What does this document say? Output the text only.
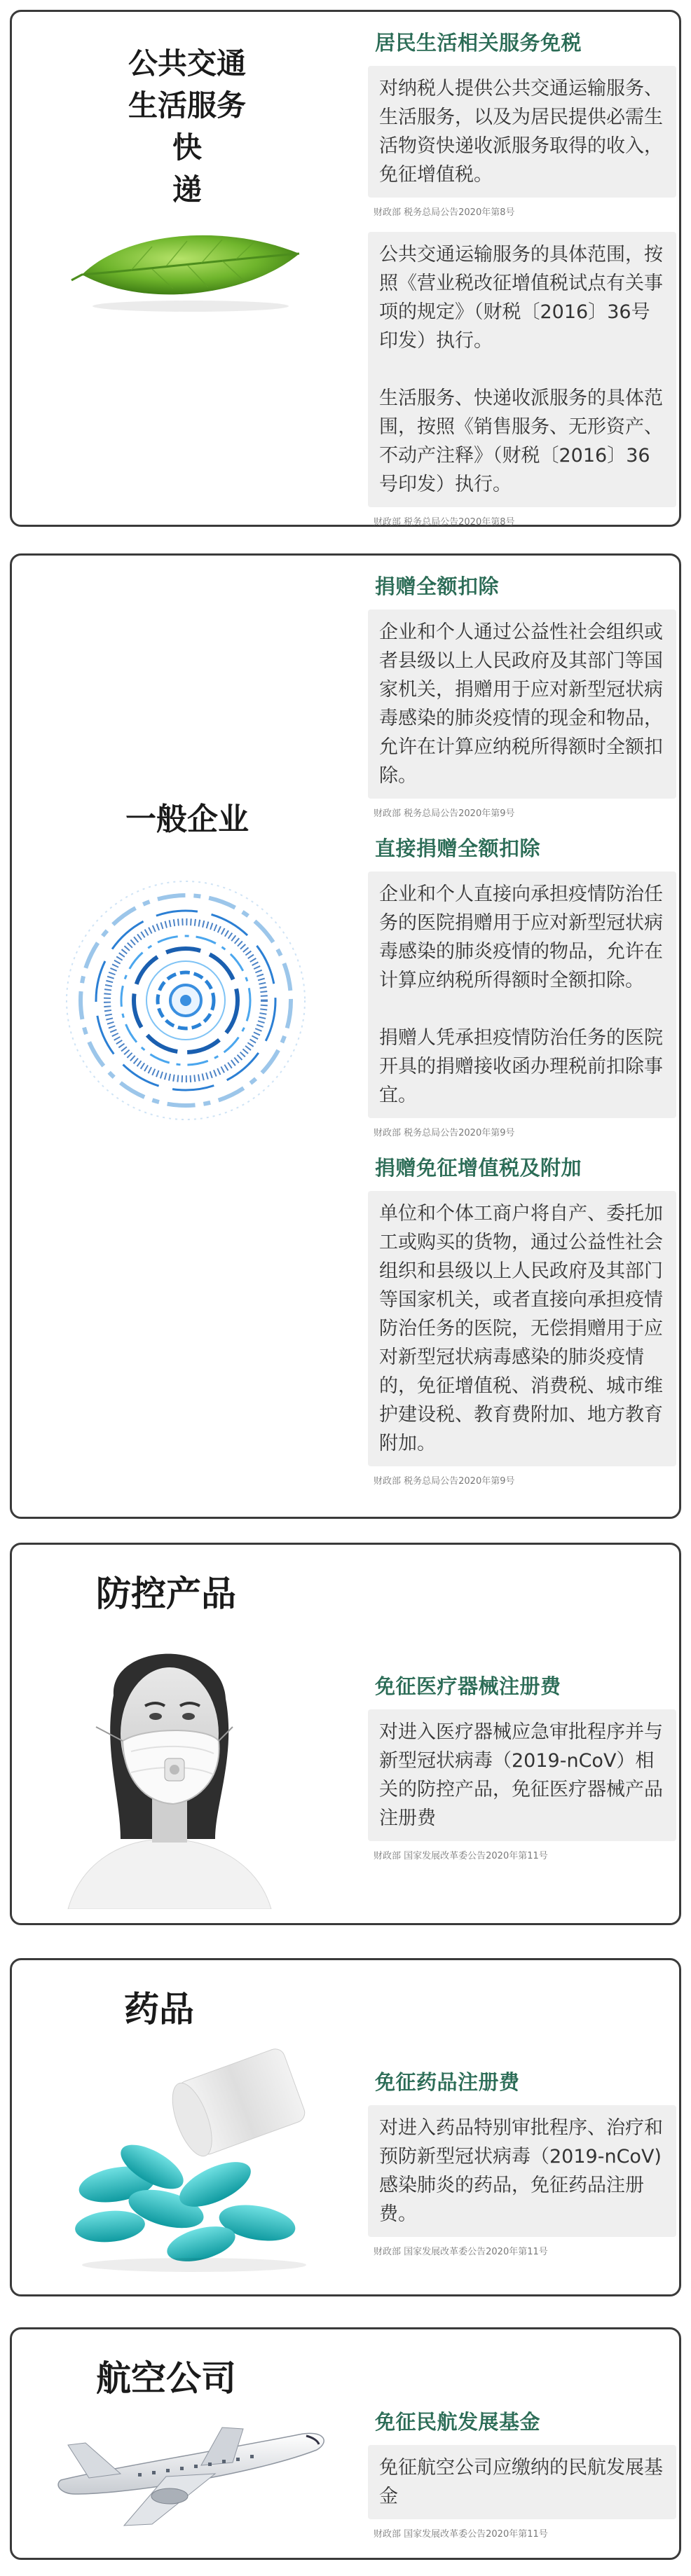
公共交通
生活服务
快 递
居民生活相关服务免税

对纳税人提供公共交通运输服务、生活服务，以及为居民提供必需生活物资快递收派服务取得的收入，免征增值税。

财政部 税务总局公告2020年第8号

公共交通运输服务的具体范围，按照《营业税改征增值税试点有关事项的规定》（财税〔2016〕36号印发）执行。

生活服务、快递收派服务的具体范围，按照《销售服务、无形资产、不动产注释》（财税〔2016〕36号印发）执行。

财政部 税务总局公告2020年第8号
一般企业
捐赠全额扣除

企业和个人通过公益性社会组织或者县级以上人民政府及其部门等国家机关，捐赠用于应对新型冠状病毒感染的肺炎疫情的现金和物品，允许在计算应纳税所得额时全额扣除。

财政部 税务总局公告2020年第9号
直接捐赠全额扣除

企业和个人直接向承担疫情防治任务的医院捐赠用于应对新型冠状病毒感染的肺炎疫情的物品，允许在计算应纳税所得额时全额扣除。

捐赠人凭承担疫情防治任务的医院开具的捐赠接收函办理税前扣除事宜。

财政部 税务总局公告2020年第9号
捐赠免征增值税及附加

单位和个体工商户将自产、委托加工或购买的货物，通过公益性社会组织和县级以上人民政府及其部门等国家机关，或者直接向承担疫情防治任务的医院，无偿捐赠用于应对新型冠状病毒感染的肺炎疫情的，免征增值税、消费税、城市维护建设税、教育费附加、地方教育附加。

财政部 税务总局公告2020年第9号
防控产品
免征医疗器械注册费

对进入医疗器械应急审批程序并与新型冠状病毒（2019-nCoV）相关的防控产品，免征医疗器械产品注册费

财政部 国家发展改革委公告2020年第11号
药品
免征药品注册费

对进入药品特别审批程序、治疗和预防新型冠状病毒（2019-nCoV)感染肺炎的药品，免征药品注册费。

财政部 国家发展改革委公告2020年第11号
航空公司
免征民航发展基金

免征航空公司应缴纳的民航发展基金

财政部 国家发展改革委公告2020年第11号
